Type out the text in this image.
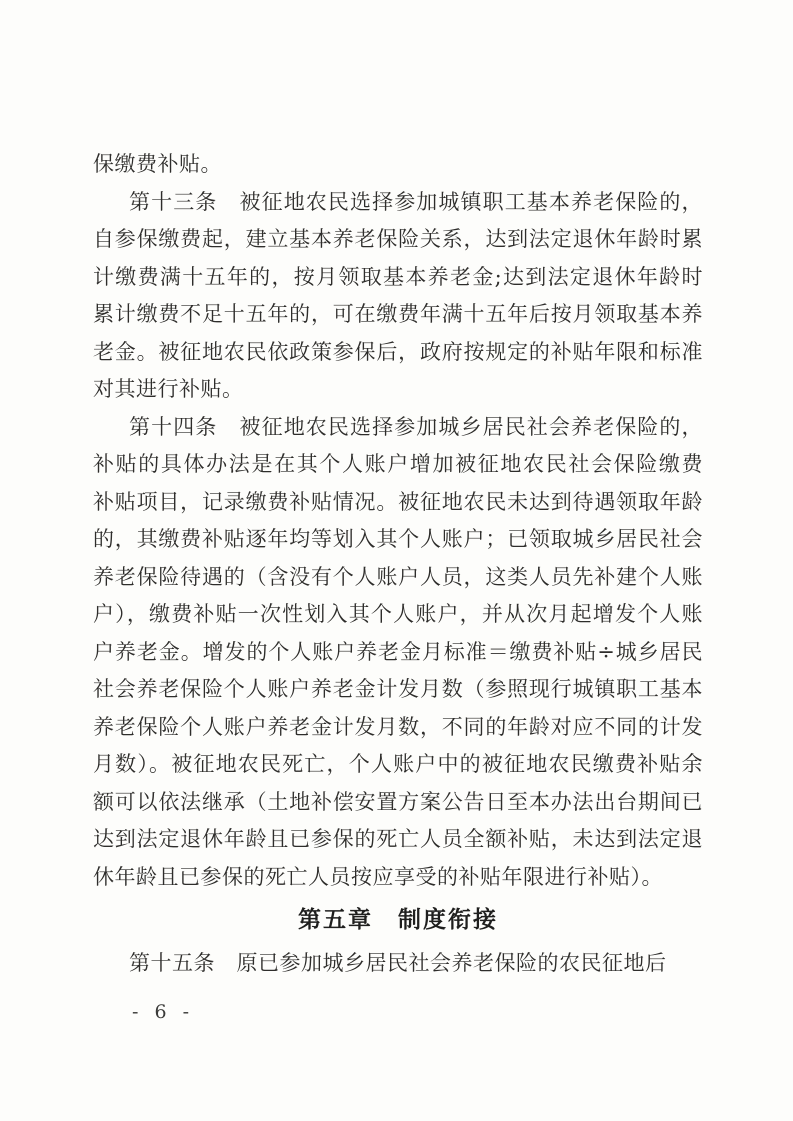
保缴费补贴。
第十三条　被征地农民选择参加城镇职工基本养老保险的，
自参保缴费起，建立基本养老保险关系，达到法定退休年龄时累
计缴费满十五年的，按月领取基本养老金;达到法定退休年龄时
累计缴费不足十五年的，可在缴费年满十五年后按月领取基本养
老金。被征地农民依政策参保后，政府按规定的补贴年限和标准
对其进行补贴。
第十四条　被征地农民选择参加城乡居民社会养老保险的，
补贴的具体办法是在其个人账户增加被征地农民社会保险缴费
补贴项目，记录缴费补贴情况。被征地农民未达到待遇领取年龄
的，其缴费补贴逐年均等划入其个人账户；已领取城乡居民社会
养老保险待遇的（含没有个人账户人员，这类人员先补建个人账
户），缴费补贴一次性划入其个人账户，并从次月起增发个人账
户养老金。增发的个人账户养老金月标准＝缴费补贴÷城乡居民
社会养老保险个人账户养老金计发月数（参照现行城镇职工基本
养老保险个人账户养老金计发月数，不同的年龄对应不同的计发
月数）。被征地农民死亡，个人账户中的被征地农民缴费补贴余
额可以依法继承（土地补偿安置方案公告日至本办法出台期间已
达到法定退休年龄且已参保的死亡人员全额补贴，未达到法定退
休年龄且已参保的死亡人员按应享受的补贴年限进行补贴）。
第五章　制度衔接
第十五条　原已参加城乡居民社会养老保险的农民征地后
- 6 -
